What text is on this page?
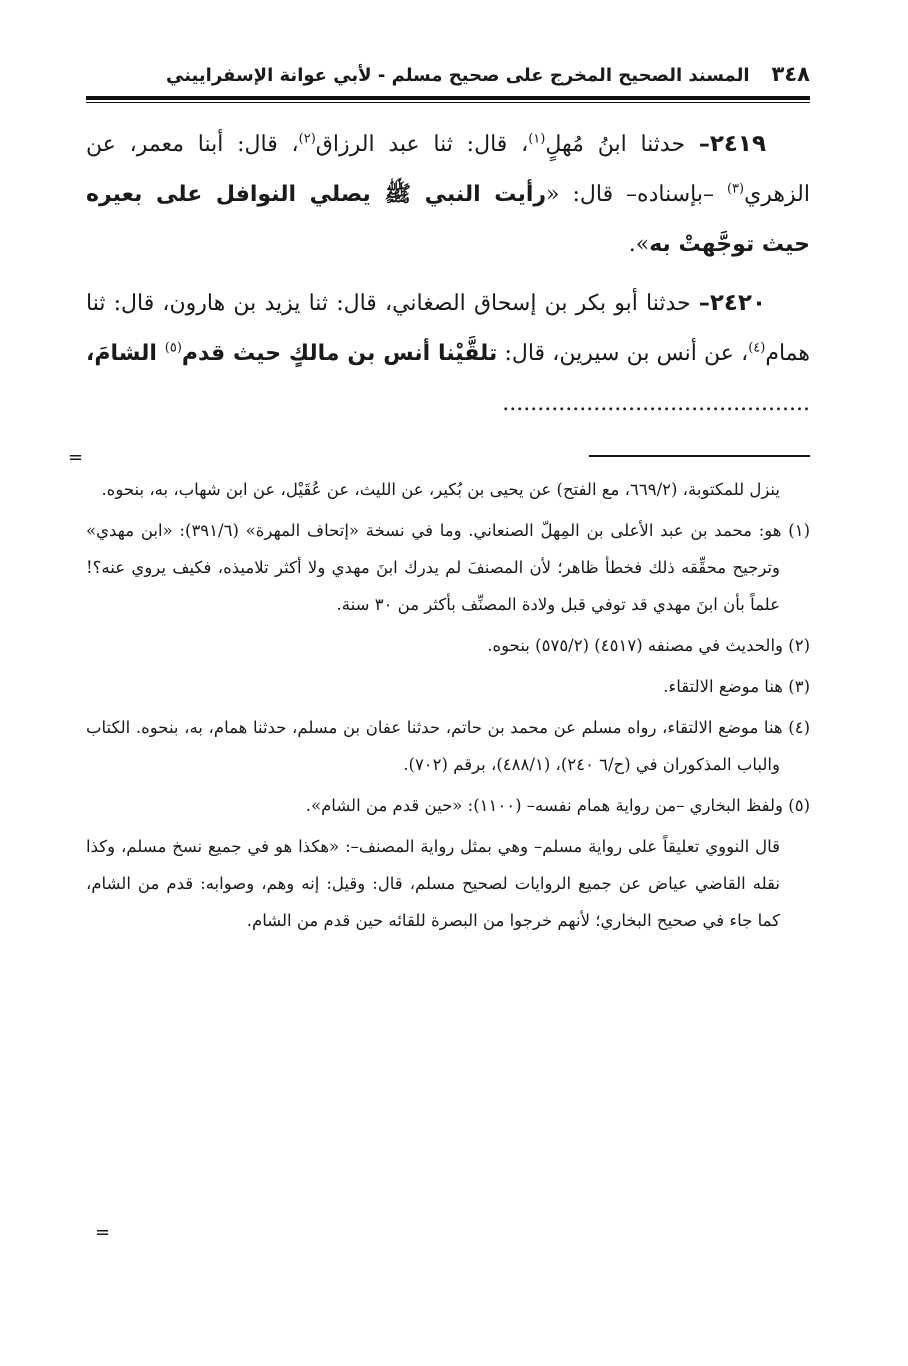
٣٤٨
المسند الصحيح المخرج على صحيح مسلم - لأبي عوانة الإسفراييني

٢٤١٩– حدثنا ابنُ مُهلٍ$^{(١)}$، قال: ثنا عبد الرزاق$^{(٢)}$، قال: أبنا معمر، عن الزهري$^{(٣)}$ –بإسناده– قال: «رأيت النبي ﷺ يصلي النوافل على بعيره حيث توجَّهتْ به».

٢٤٢٠– حدثنا أبو بكر بن إسحاق الصغاني، قال: ثنا يزيد بن هارون، قال: ثنا همام$^{(٤)}$، عن أنس بن سيرين، قال: تلقَّيْنا أنس بن مالكٍ حيث قدم$^{(٥)}$ الشامَ، ............................................

=

ينزل للمكتوبة، (٦٦٩/٢، مع الفتح) عن يحيى بن بُكير، عن الليث، عن عُقَيْل، عن ابن شهاب، به، بنحوه.

(١) هو: محمد بن عبد الأعلى بن المِهلّ الصنعاني. وما في نسخة «إتحاف المهرة» (٣٩١/٦): «ابن مهدي» وترجيح محقِّقه ذلك فخطأ ظاهر؛ لأن المصنفَ لم يدرك ابنَ مهدي ولا أكثر تلاميذه، فكيف يروي عنه؟! علماً بأن ابنَ مهدي قد توفي قبل ولادة المصنِّف بأكثر من ٣٠ سنة.

(٢) والحديث في مصنفه (٤٥١٧) (٥٧٥/٢) بنحوه.

(٣) هنا موضع الالتقاء.

(٤) هنا موضع الالتقاء، رواه مسلم عن محمد بن حاتم، حدثنا عفان بن مسلم، حدثنا همام، به، بنحوه. الكتاب والباب المذكوران في (ح/٦ ٢٤٠)، (٤٨٨/١)، برقم (٧٠٢).

(٥) ولفظ البخاري –من رواية همام نفسه– (١١٠٠): «حين قدم من الشام».

قال النووي تعليقاً على رواية مسلم– وهي بمثل رواية المصنف–: «هكذا هو في جميع نسخ مسلم، وكذا نقله القاضي عياض عن جميع الروايات لصحيح مسلم، قال: وقيل: إنه وهم، وصوابه: قدم من الشام، كما جاء في صحيح البخاري؛ لأنهم خرجوا من البصرة للقائه حين قدم من الشام.

=
